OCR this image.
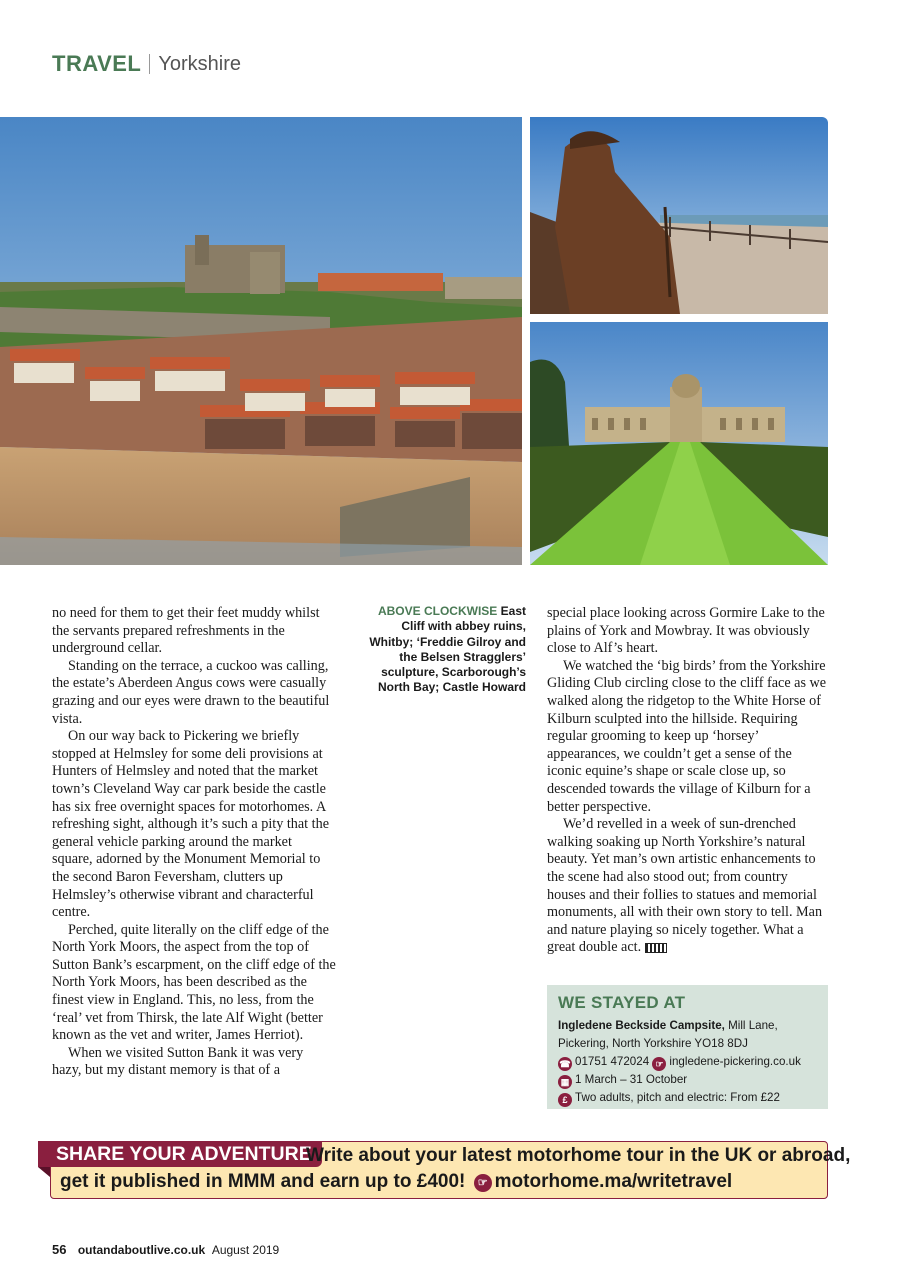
TRAVEL Yorkshire

no need for them to get their feet muddy whilst the servants prepared refreshments in the underground cellar.

Standing on the terrace, a cuckoo was calling, the estate’s Aberdeen Angus cows were casually grazing and our eyes were drawn to the beautiful vista.

On our way back to Pickering we briefly stopped at Helmsley for some deli provisions at Hunters of Helmsley and noted that the market town’s Cleveland Way car park beside the castle has six free overnight spaces for motorhomes. A refreshing sight, although it’s such a pity that the general vehicle parking around the market square, adorned by the Monument Memorial to the second Baron Feversham, clutters up Helmsley’s otherwise vibrant and characterful centre.

Perched, quite literally on the cliff edge of the North York Moors, the aspect from the top of Sutton Bank’s escarpment, on the cliff edge of the North York Moors, has been described as the finest view in England. This, no less, from the ‘real’ vet from Thirsk, the late Alf Wight (better known as the vet and writer, James Herriot).

When we visited Sutton Bank it was very hazy, but my distant memory is that of a

ABOVE CLOCKWISE East Cliff with abbey ruins, Whitby; ‘Freddie Gilroy and the Belsen Stragglers’ sculpture, Scarborough’s North Bay; Castle Howard

special place looking across Gormire Lake to the plains of York and Mowbray. It was obviously close to Alf’s heart.

We watched the ‘big birds’ from the Yorkshire Gliding Club circling close to the cliff face as we walked along the ridgetop to the White Horse of Kilburn sculpted into the hillside. Requiring regular grooming to keep up ‘horsey’ appearances, we couldn’t get a sense of the iconic equine’s shape or scale close up, so descended towards the village of Kilburn for a better perspective.

We’d revelled in a week of sun-drenched walking soaking up North Yorkshire’s natural beauty. Yet man’s own artistic enhancements to the scene had also stood out; from country houses and their follies to statues and memorial monuments, all with their own story to tell. Man and nature playing so nicely together. What a great double act.

WE STAYED AT
Ingledene Beckside Campsite, Mill Lane,
Pickering, North Yorkshire YO18 8DJ
☎ 01751 472024 ☞ ingledene-pickering.co.uk
▦ 1 March – 31 October
£ Two adults, pitch and electric: From £22
SHARE YOUR ADVENTURE
Write about your latest motorhome tour in the UK or abroad,
get it published in MMM and earn up to £400! ☞ motorhome.ma/writetravel
56 outandaboutlive.co.uk August 2019
